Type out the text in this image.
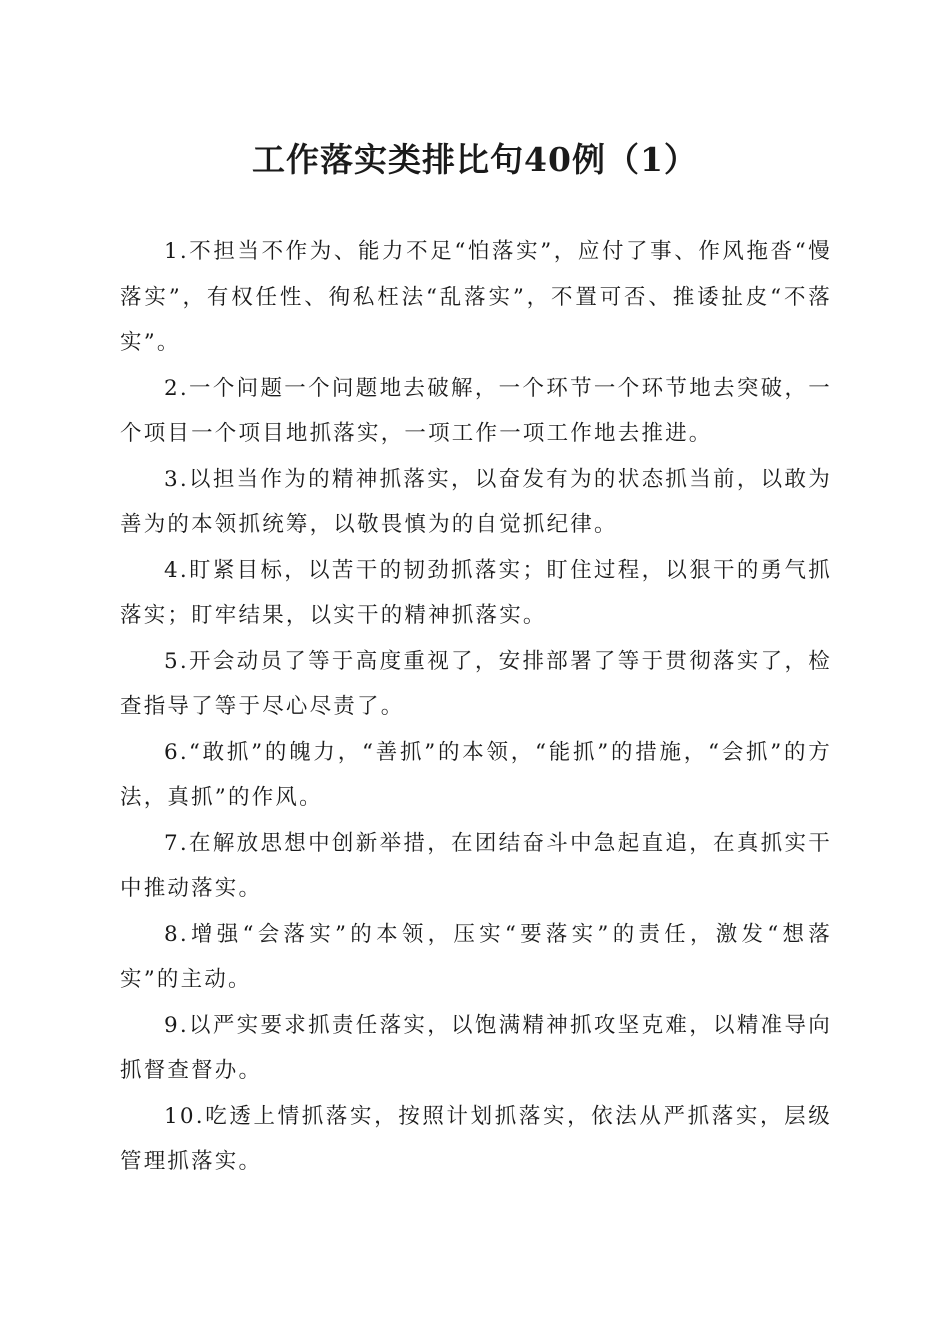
工作落实类排比句40例（1）

1.不担当不作为、能力不足“怕落实”，应付了事、作风拖沓“慢落实”，有权任性、徇私枉法“乱落实”，不置可否、推诿扯皮“不落实”。

2.一个问题一个问题地去破解，一个环节一个环节地去突破，一个项目一个项目地抓落实，一项工作一项工作地去推进。

3.以担当作为的精神抓落实，以奋发有为的状态抓当前，以敢为善为的本领抓统筹，以敬畏慎为的自觉抓纪律。

4.盯紧目标，以苦干的韧劲抓落实；盯住过程，以狠干的勇气抓落实；盯牢结果，以实干的精神抓落实。

5.开会动员了等于高度重视了，安排部署了等于贯彻落实了，检查指导了等于尽心尽责了。

6.“敢抓”的魄力，“善抓”的本领，“能抓”的措施，“会抓”的方法，真抓”的作风。

7.在解放思想中创新举措，在团结奋斗中急起直追，在真抓实干中推动落实。

8.增强“会落实”的本领，压实“要落实”的责任，激发“想落实”的主动。

9.以严实要求抓责任落实，以饱满精神抓攻坚克难，以精准导向抓督查督办。

10.吃透上情抓落实，按照计划抓落实，依法从严抓落实，层级管理抓落实。
